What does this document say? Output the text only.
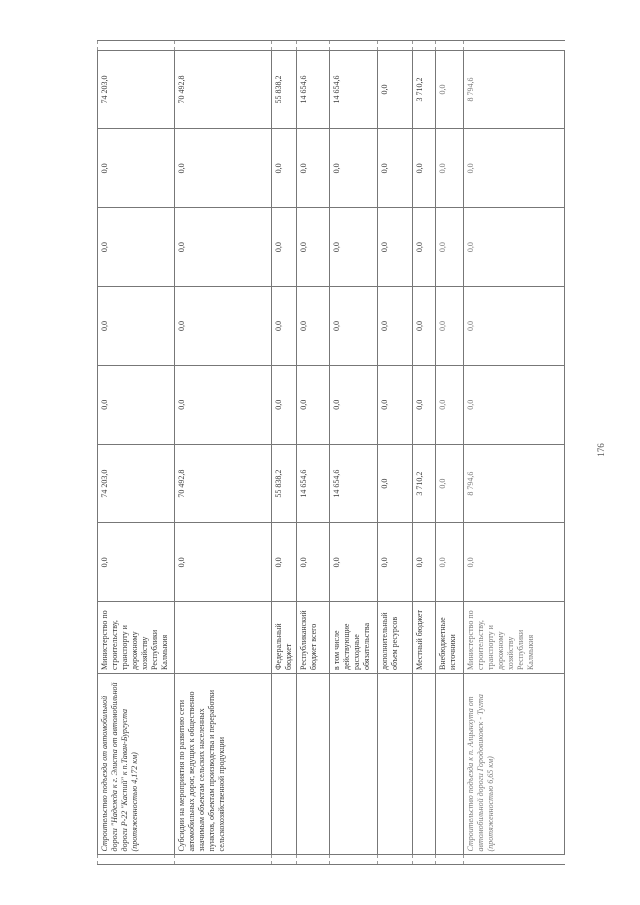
	Строительство подъезда от автомобильной дороги "Надежда к г. Элиста от автомобильной дороги Р-22 "Каспий" к п.Таван-Бургуста (протяженностью 4,172 км)	Министерство по строительству, транспорту и дорожному хозяйству Республики Калмыкия	0,0	74 203,0	0,0	0,0	0,0	0,0	74 203,0	
	Субсидии на мероприятия по развитию сети автомобильных дорог, ведущих к общественно значимым объектам сельских населенных пунктов, объектам производства и переработки сельскохозяйственной продукции		0,0	70 492,8	0,0	0,0	0,0	0,0	70 492,8	
		Федеральный бюджет	0,0	55 838,2	0,0	0,0	0,0	0,0	55 838,2	
		Республиканский бюджет всего	0,0	14 654,6	0,0	0,0	0,0	0,0	14 654,6	
		в том числе действующие расходные обязательства	0,0	14 654,6	0,0	0,0	0,0	0,0	14 654,6	
		дополнительный объем ресурсов	0,0	0,0	0,0	0,0	0,0	0,0	0,0	
		Местный бюджет	0,0	3 710,2	0,0	0,0	0,0	0,0	3 710,2	
		Внебюджетные источники	0,0	0,0	0,0	0,0	0,0	0,0	0,0	
	Строительство подъезда к п. Алцынхута от автомобильной дороги Городовиковск - Тугта (протяженностью 6,65 км)	Министерство по строительству, транспорту и дорожному хозяйству Республики Калмыкия	0,0	8 794,6	0,0	0,0	0,0	0,0	8 794,6	
176
